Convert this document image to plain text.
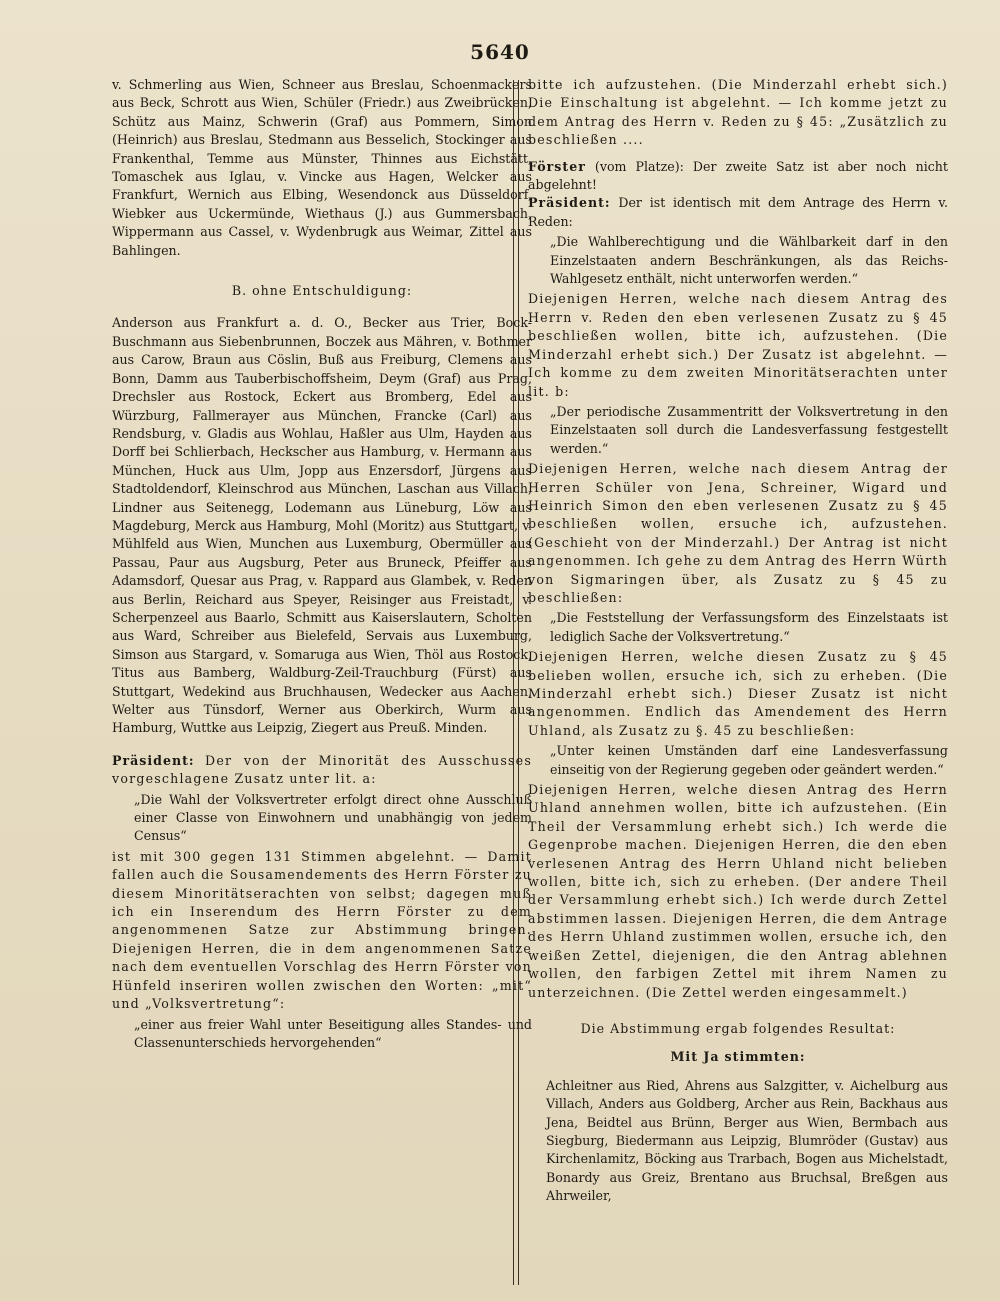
5640

v. Schmerling aus Wien, Schneer aus Breslau, Schoenmackers aus Beck, Schrott aus Wien, Schüler (Friedr.) aus Zweibrücken, Schütz aus Mainz, Schwerin (Graf) aus Pommern, Simon (Heinrich) aus Breslau, Stedmann aus Besselich, Stockinger aus Frankenthal, Temme aus Münster, Thinnes aus Eichstätt, Tomaschek aus Iglau, v. Vincke aus Hagen, Welcker aus Frankfurt, Wernich aus Elbing, Wesendonck aus Düsseldorf, Wiebker aus Uckermünde, Wiethaus (J.) aus Gummersbach, Wippermann aus Cassel, v. Wydenbrugk aus Weimar, Zittel aus Bahlingen.

B. ohne Entschuldigung:

Anderson aus Frankfurt a. d. O., Becker aus Trier, Bock-Buschmann aus Siebenbrunnen, Boczek aus Mähren, v. Bothmer aus Carow, Braun aus Cöslin, Buß aus Freiburg, Clemens aus Bonn, Damm aus Tauberbischoffsheim, Deym (Graf) aus Prag, Drechsler aus Rostock, Eckert aus Bromberg, Edel aus Würzburg, Fallmerayer aus München, Francke (Carl) aus Rendsburg, v. Gladis aus Wohlau, Haßler aus Ulm, Hayden aus Dorff bei Schlierbach, Heckscher aus Hamburg, v. Hermann aus München, Huck aus Ulm, Jopp aus Enzersdorf, Jürgens aus Stadtoldendorf, Kleinschrod aus München, Laschan aus Villach, Lindner aus Seitenegg, Lodemann aus Lüneburg, Löw aus Magdeburg, Merck aus Hamburg, Mohl (Moritz) aus Stuttgart, v. Mühlfeld aus Wien, Munchen aus Luxemburg, Obermüller aus Passau, Paur aus Augsburg, Peter aus Bruneck, Pfeiffer aus Adamsdorf, Quesar aus Prag, v. Rappard aus Glambek, v. Reden aus Berlin, Reichard aus Speyer, Reisinger aus Freistadt, v. Scherpenzeel aus Baarlo, Schmitt aus Kaiserslautern, Scholten aus Ward, Schreiber aus Bielefeld, Servais aus Luxemburg, Simson aus Stargard, v. Somaruga aus Wien, Thöl aus Rostock, Titus aus Bamberg, Waldburg-Zeil-Trauchburg (Fürst) aus Stuttgart, Wedekind aus Bruchhausen, Wedecker aus Aachen, Welter aus Tünsdorf, Werner aus Oberkirch, Wurm aus Hamburg, Wuttke aus Leipzig, Ziegert aus Preuß. Minden.

Präsident: Der von der Minorität des Ausschusses vorgeschlagene Zusatz unter lit. a:

„Die Wahl der Volksvertreter erfolgt direct ohne Ausschluß einer Classe von Einwohnern und unabhängig von jedem Census“

ist mit 300 gegen 131 Stimmen abgelehnt. — Damit fallen auch die Sousamendements des Herrn Förster zu diesem Minoritätserachten von selbst; dagegen muß ich ein Inserendum des Herrn Förster zu dem angenommenen Satze zur Abstimmung bringen. Diejenigen Herren, die in dem angenommenen Satze nach dem eventuellen Vorschlag des Herrn Förster von Hünfeld inseriren wollen zwischen den Worten: „mit“ und „Volksvertretung“:

„einer aus freier Wahl unter Beseitigung alles Standes- und Classenunterschieds hervorgehenden“

bitte ich aufzustehen. (Die Minderzahl erhebt sich.) Die Einschaltung ist abgelehnt. — Ich komme jetzt zu dem Antrag des Herrn v. Reden zu § 45: „Zusätzlich zu beschließen ....

Förster (vom Platze): Der zweite Satz ist aber noch nicht abgelehnt!

Präsident: Der ist identisch mit dem Antrage des Herrn v. Reden:

„Die Wahlberechtigung und die Wählbarkeit darf in den Einzelstaaten andern Beschränkungen, als das Reichs-Wahlgesetz enthält, nicht unterworfen werden.“

Diejenigen Herren, welche nach diesem Antrag des Herrn v. Reden den eben verlesenen Zusatz zu § 45 beschließen wollen, bitte ich, aufzustehen. (Die Minderzahl erhebt sich.) Der Zusatz ist abgelehnt. — Ich komme zu dem zweiten Minoritätserachten unter lit. b:

„Der periodische Zusammentritt der Volksvertretung in den Einzelstaaten soll durch die Landesverfassung festgestellt werden.“

Diejenigen Herren, welche nach diesem Antrag der Herren Schüler von Jena, Schreiner, Wigard und Heinrich Simon den eben verlesenen Zusatz zu § 45 beschließen wollen, ersuche ich, aufzustehen. (Geschieht von der Minderzahl.) Der Antrag ist nicht angenommen. Ich gehe zu dem Antrag des Herrn Würth von Sigmaringen über, als Zusatz zu § 45 zu beschließen:

„Die Feststellung der Verfassungsform des Einzelstaats ist lediglich Sache der Volksvertretung.“

Diejenigen Herren, welche diesen Zusatz zu § 45 belieben wollen, ersuche ich, sich zu erheben. (Die Minderzahl erhebt sich.) Dieser Zusatz ist nicht angenommen. Endlich das Amendement des Herrn Uhland, als Zusatz zu §. 45 zu beschließen:

„Unter keinen Umständen darf eine Landesverfassung einseitig von der Regierung gegeben oder geändert werden.“

Diejenigen Herren, welche diesen Antrag des Herrn Uhland annehmen wollen, bitte ich aufzustehen. (Ein Theil der Versammlung erhebt sich.) Ich werde die Gegenprobe machen. Diejenigen Herren, die den eben verlesenen Antrag des Herrn Uhland nicht belieben wollen, bitte ich, sich zu erheben. (Der andere Theil der Versammlung erhebt sich.) Ich werde durch Zettel abstimmen lassen. Diejenigen Herren, die dem Antrage des Herrn Uhland zustimmen wollen, ersuche ich, den weißen Zettel, diejenigen, die den Antrag ablehnen wollen, den farbigen Zettel mit ihrem Namen zu unterzeichnen. (Die Zettel werden eingesammelt.)

Die Abstimmung ergab folgendes Resultat:

Mit Ja stimmten:

Achleitner aus Ried, Ahrens aus Salzgitter, v. Aichelburg aus Villach, Anders aus Goldberg, Archer aus Rein, Backhaus aus Jena, Beidtel aus Brünn, Berger aus Wien, Bermbach aus Siegburg, Biedermann aus Leipzig, Blumröder (Gustav) aus Kirchenlamitz, Böcking aus Trarbach, Bogen aus Michelstadt, Bonardy aus Greiz, Brentano aus Bruchsal, Breßgen aus Ahrweiler,
